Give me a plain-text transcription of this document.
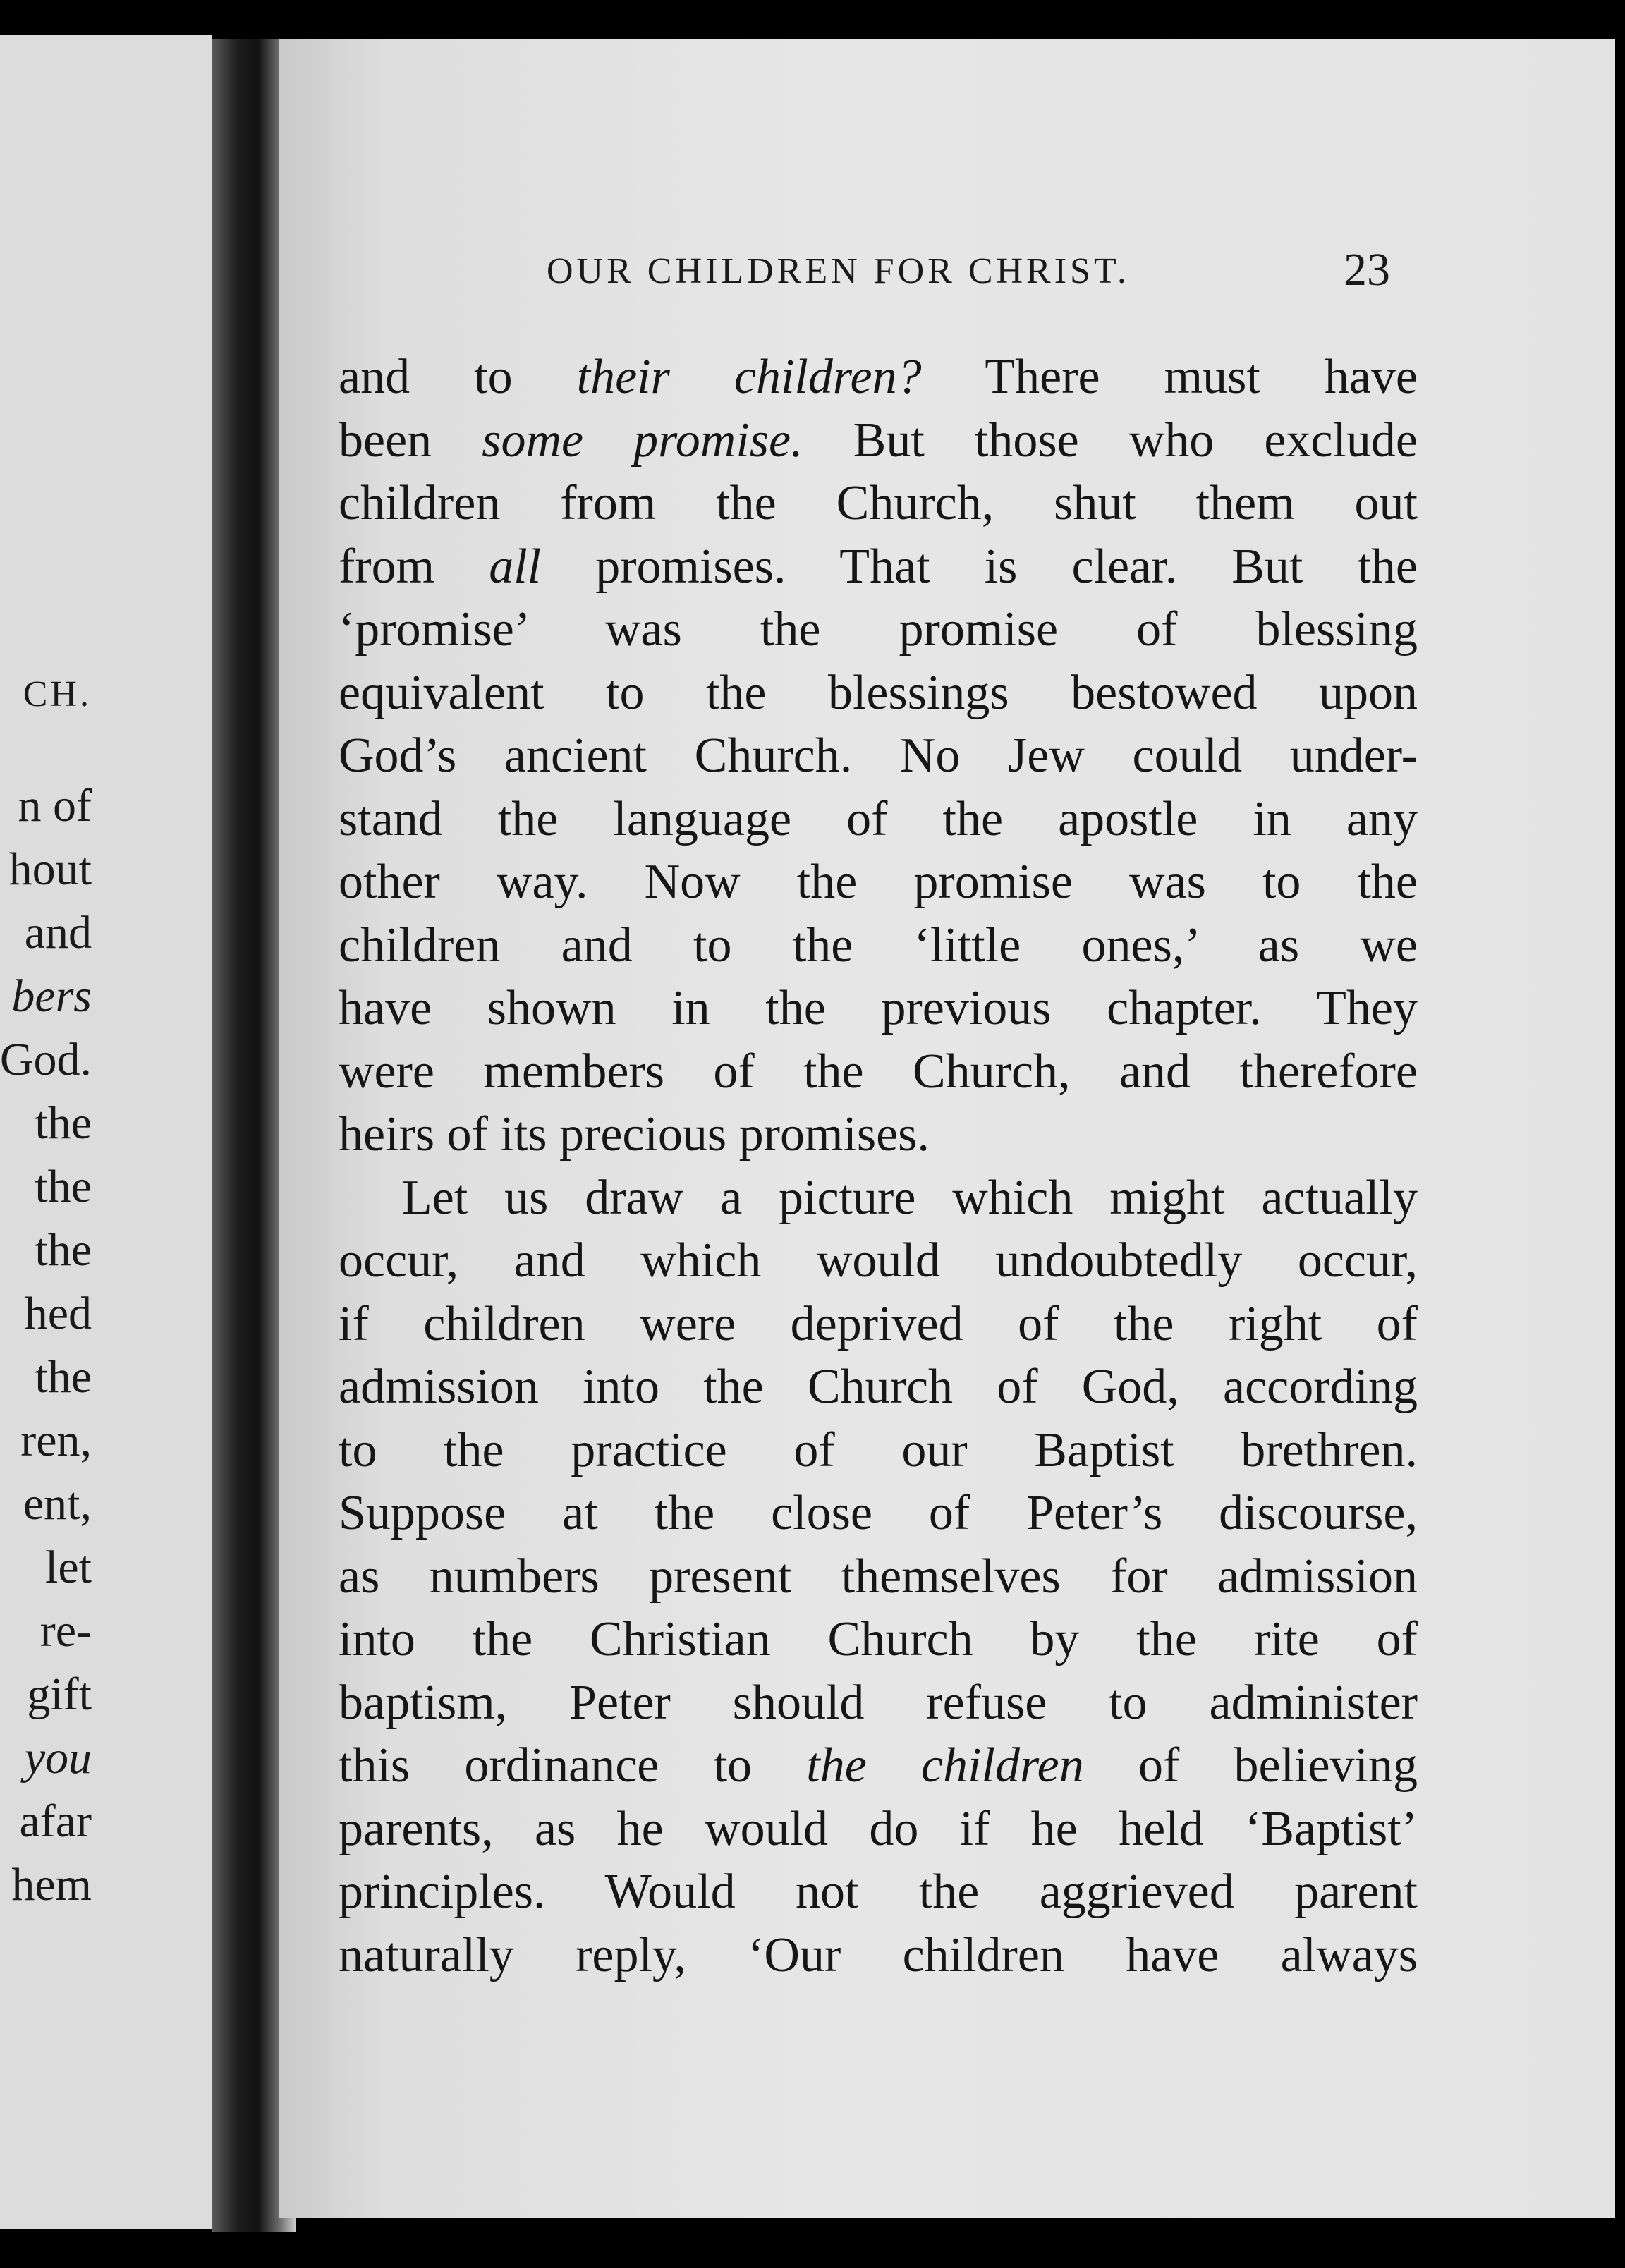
CH.
n of
hout
and
bers
God.
the
the
the
hed
the
ren,
ent,
let
re-
gift
you
afar
hem
OUR CHILDREN FOR CHRIST.	23
and to their children? There must have
been some promise. But those who exclude
children from the Church, shut them out
from all promises. That is clear. But the
‘promise’ was the promise of blessing
equivalent to the blessings bestowed upon
God’s ancient Church. No Jew could under-
stand the language of the apostle in any
other way. Now the promise was to the
children and to the ‘little ones,’ as we
have shown in the previous chapter. They
were members of the Church, and therefore
heirs of its precious promises.
Let us draw a picture which might actually
occur, and which would undoubtedly occur,
if children were deprived of the right of
admission into the Church of God, according
to the practice of our Baptist brethren.
Suppose at the close of Peter’s discourse,
as numbers present themselves for admission
into the Christian Church by the rite of
baptism, Peter should refuse to administer
this ordinance to the children of believing
parents, as he would do if he held ‘Baptist’
principles. Would not the aggrieved parent
naturally reply, ‘Our children have always
